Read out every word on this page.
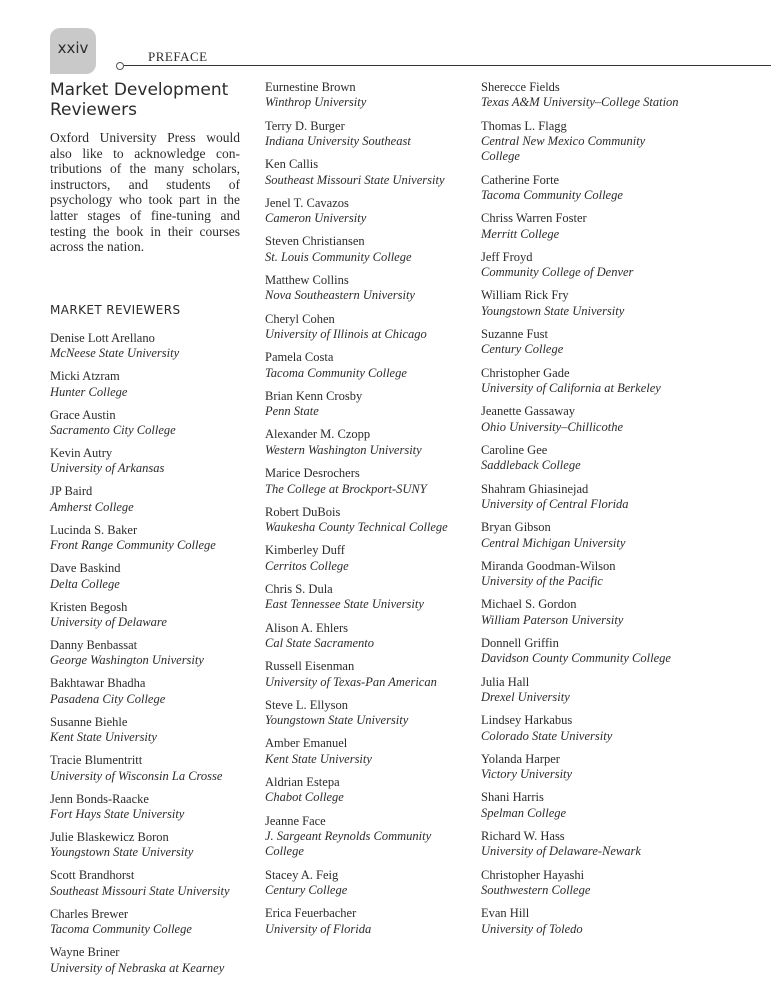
xxiv	PREFACE
Market Development Reviewers

Oxford University Press would also like to acknowledge contributions of the many scholars, instructors, and students of psychology who took part in the latter stages of fine-tuning and testing the book in their courses across the nation.

MARKET REVIEWERS
Denise Lott Arellano
McNeese State University
Micki Atzram
Hunter College
Grace Austin
Sacramento City College
Kevin Autry
University of Arkansas
JP Baird
Amherst College
Lucinda S. Baker
Front Range Community College
Dave Baskind
Delta College
Kristen Begosh
University of Delaware
Danny Benbassat
George Washington University
Bakhtawar Bhadha
Pasadena City College
Susanne Biehle
Kent State University
Tracie Blumentritt
University of Wisconsin La Crosse
Jenn Bonds-Raacke
Fort Hays State University
Julie Blaskewicz Boron
Youngstown State University
Scott Brandhorst
Southeast Missouri State University
Charles Brewer
Tacoma Community College
Wayne Briner
University of Nebraska at Kearney
Eurnestine Brown
Winthrop University
Terry D. Burger
Indiana University Southeast
Ken Callis
Southeast Missouri State University
Jenel T. Cavazos
Cameron University
Steven Christiansen
St. Louis Community College
Matthew Collins
Nova Southeastern University
Cheryl Cohen
University of Illinois at Chicago
Pamela Costa
Tacoma Community College
Brian Kenn Crosby
Penn State
Alexander M. Czopp
Western Washington University
Marice Desrochers
The College at Brockport-SUNY
Robert DuBois
Waukesha County Technical College
Kimberley Duff
Cerritos College
Chris S. Dula
East Tennessee State University
Alison A. Ehlers
Cal State Sacramento
Russell Eisenman
University of Texas-Pan American
Steve L. Ellyson
Youngstown State University
Amber Emanuel
Kent State University
Aldrian Estepa
Chabot College
Jeanne Face
J. Sargeant Reynolds Community College
Stacey A. Feig
Century College
Erica Feuerbacher
University of Florida
Sherecce Fields
Texas A&M University–College Station
Thomas L. Flagg
Central New Mexico Community College
Catherine Forte
Tacoma Community College
Chriss Warren Foster
Merritt College
Jeff Froyd
Community College of Denver
William Rick Fry
Youngstown State University
Suzanne Fust
Century College
Christopher Gade
University of California at Berkeley
Jeanette Gassaway
Ohio University–Chillicothe
Caroline Gee
Saddleback College
Shahram Ghiasinejad
University of Central Florida
Bryan Gibson
Central Michigan University
Miranda Goodman-Wilson
University of the Pacific
Michael S. Gordon
William Paterson University
Donnell Griffin
Davidson County Community College
Julia Hall
Drexel University
Lindsey Harkabus
Colorado State University
Yolanda Harper
Victory University
Shani Harris
Spelman College
Richard W. Hass
University of Delaware-Newark
Christopher Hayashi
Southwestern College
Evan Hill
University of Toledo
